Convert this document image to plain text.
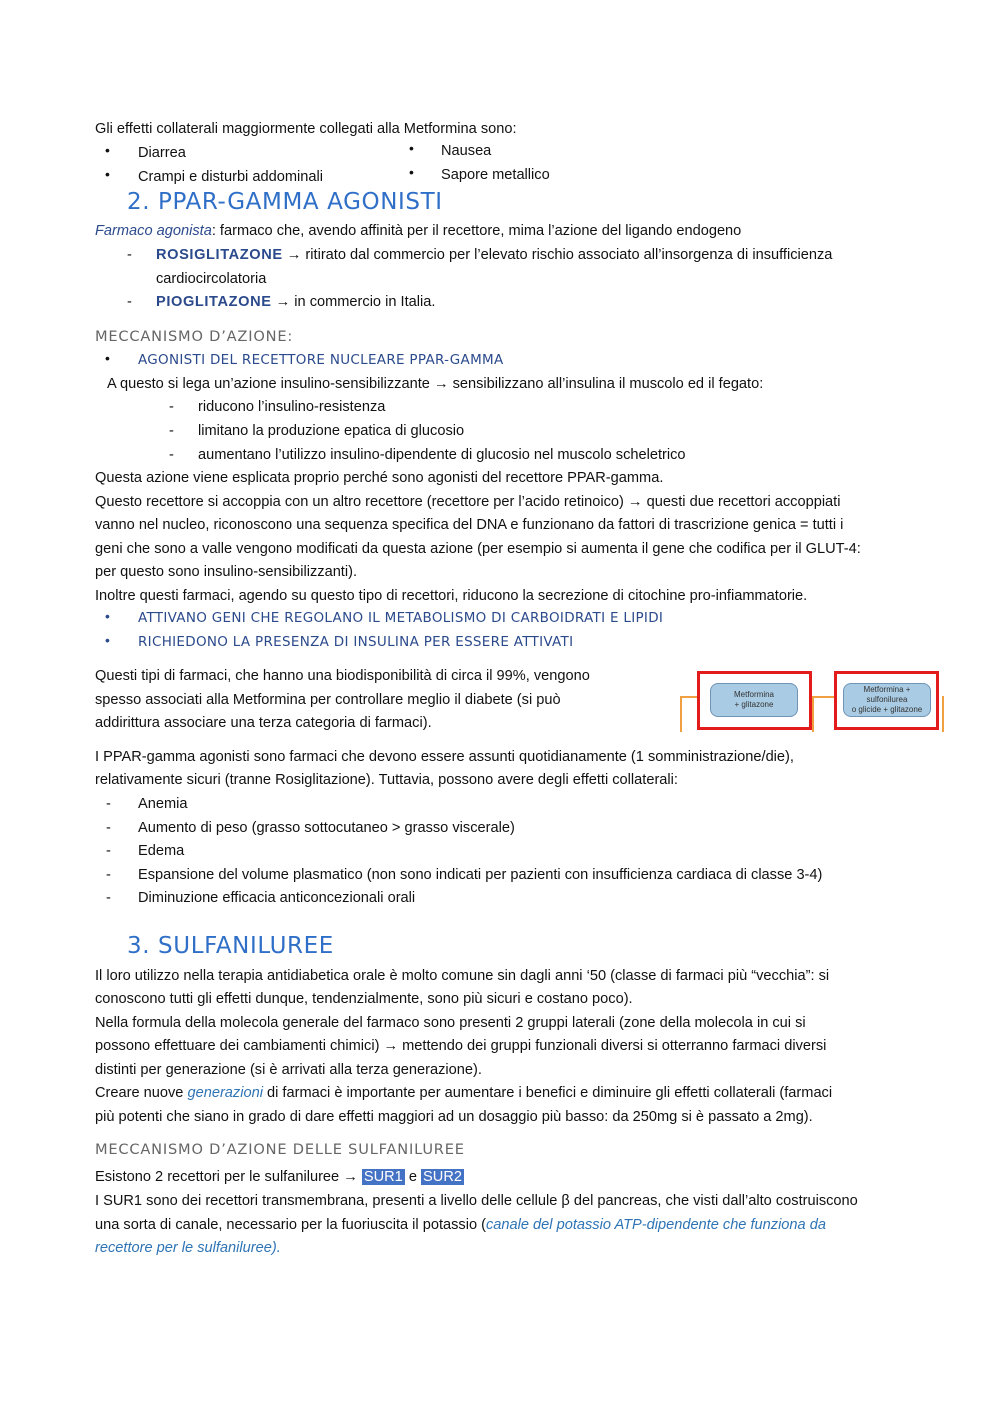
Gli effetti collaterali maggiormente collegati alla Metformina sono:
• Diarrea
• Crampi e disturbi addominali
• Nausea
• Sapore metallico
2. PPAR-GAMMA AGONISTI
Farmaco agonista: farmaco che, avendo affinità per il recettore, mima l’azione del ligando endogeno
- ROSIGLITAZONE → ritirato dal commercio per l’elevato rischio associato all’insorgenza di insufficienza
cardiocircolatoria
- PIOGLITAZONE → in commercio in Italia.
MECCANISMO D’AZIONE:
• AGONISTI DEL RECETTORE NUCLEARE PPAR-GAMMA
A questo si lega un’azione insulino-sensibilizzante → sensibilizzano all’insulina il muscolo ed il fegato:
- riducono l’insulino-resistenza
- limitano la produzione epatica di glucosio
- aumentano l’utilizzo insulino-dipendente di glucosio nel muscolo scheletrico
Questa azione viene esplicata proprio perché sono agonisti del recettore PPAR-gamma.
Questo recettore si accoppia con un altro recettore (recettore per l’acido retinoico) → questi due recettori accoppiati
vanno nel nucleo, riconoscono una sequenza specifica del DNA e funzionano da fattori di trascrizione genica = tutti i
geni che sono a valle vengono modificati da questa azione (per esempio si aumenta il gene che codifica per il GLUT-4:
per questo sono insulino-sensibilizzanti).
Inoltre questi farmaci, agendo su questo tipo di recettori, riducono la secrezione di citochine pro-infiammatorie.
• ATTIVANO GENI CHE REGOLANO IL METABOLISMO DI CARBOIDRATI E LIPIDI
• RICHIEDONO LA PRESENZA DI INSULINA PER ESSERE ATTIVATI
Questi tipi di farmaci, che hanno una biodisponibilità di circa il 99%, vengono
spesso associati alla Metformina per controllare meglio il diabete (si può
addirittura associare una terza categoria di farmaci).
Metformina
+ glitazone
Metformina + sulfonilurea
o glicide + glitazone
I PPAR-gamma agonisti sono farmaci che devono essere assunti quotidianamente (1 somministrazione/die),
relativamente sicuri (tranne Rosiglitazione). Tuttavia, possono avere degli effetti collaterali:
- Anemia
- Aumento di peso (grasso sottocutaneo > grasso viscerale)
- Edema
- Espansione del volume plasmatico (non sono indicati per pazienti con insufficienza cardiaca di classe 3-4)
- Diminuzione efficacia anticoncezionali orali
3. SULFANILUREE
Il loro utilizzo nella terapia antidiabetica orale è molto comune sin dagli anni ‘50 (classe di farmaci più “vecchia”: si
conoscono tutti gli effetti dunque, tendenzialmente, sono più sicuri e costano poco).
Nella formula della molecola generale del farmaco sono presenti 2 gruppi laterali (zone della molecola in cui si
possono effettuare dei cambiamenti chimici) → mettendo dei gruppi funzionali diversi si otterranno farmaci diversi
distinti per generazione (si è arrivati alla terza generazione).
Creare nuove generazioni di farmaci è importante per aumentare i benefici e diminuire gli effetti collaterali (farmaci
più potenti che siano in grado di dare effetti maggiori ad un dosaggio più basso: da 250mg si è passato a 2mg).
MECCANISMO D’AZIONE DELLE SULFANILUREE
Esistono 2 recettori per le sulfaniluree → SUR1 e SUR2
I SUR1 sono dei recettori transmembrana, presenti a livello delle cellule β del pancreas, che visti dall’alto costruiscono
una sorta di canale, necessario per la fuoriuscita il potassio (canale del potassio ATP-dipendente che funziona da
recettore per le sulfaniluree).
